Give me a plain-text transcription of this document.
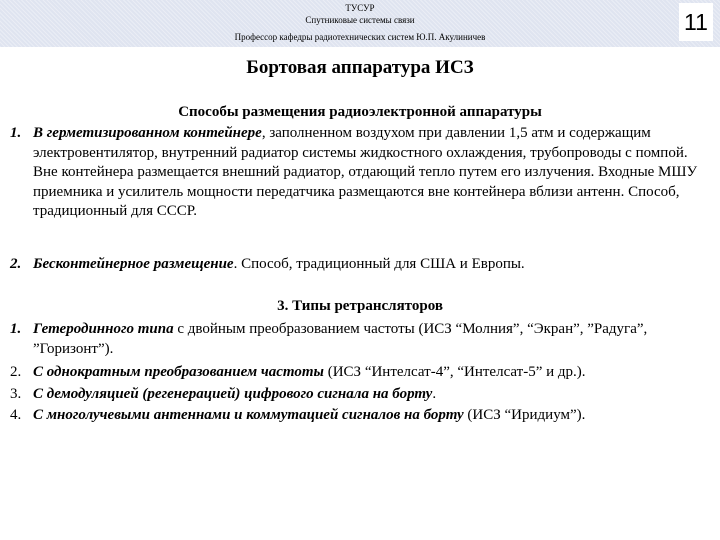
ТУСУР
Спутниковые системы связи
Профессор кафедры радиотехнических систем Ю.П. Акулиничев
11
Бортовая аппаратура ИСЗ
Способы размещения радиоэлектронной аппаратуры
1. В герметизированном контейнере, заполненном воздухом при давлении 1,5 атм и содержащим электровентилятор, внутренний радиатор системы жидкостного охлаждения, трубопроводы с помпой. Вне контейнера размещается внешний радиатор, отдающий тепло путем его излучения. Входные МШУ приемника и усилитель мощности передатчика размещаются вне контейнера вблизи антенн. Способ, традиционный для СССР.
2. Бесконтейнерное размещение. Способ, традиционный для США и Европы.
3. Типы ретрансляторов
1. Гетеродинного типа с двойным преобразованием частоты (ИСЗ “Молния”, “Экран”, ”Радуга”, ”Горизонт”).
2. С однократным преобразованием частоты (ИСЗ “Интелсат-4”, “Интелсат-5” и др.).
3. С демодуляцией (регенерацией) цифрового сигнала на борту.
4. С многолучевыми антеннами и коммутацией сигналов на борту (ИСЗ “Иридиум”).
